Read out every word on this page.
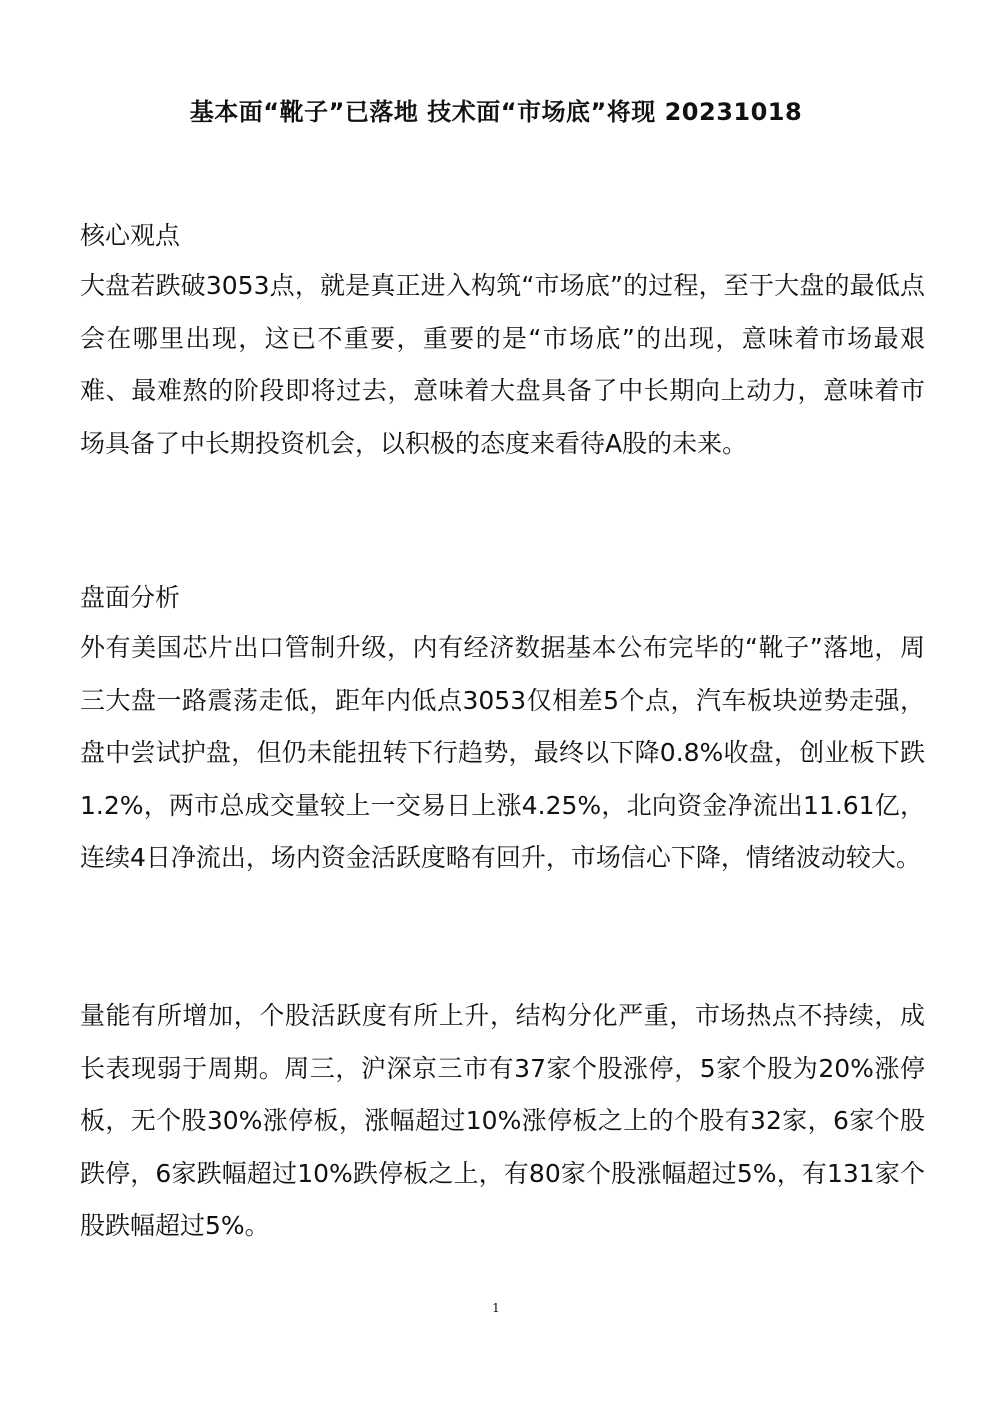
基本面“靴子”已落地 技术面“市场底”将现 20231018
核心观点

大盘若跌破3053点，就是真正进入构筑“市场底”的过程，至于大盘的最低点会在哪里出现，这已不重要，重要的是“市场底”的出现，意味着市场最艰难、最难熬的阶段即将过去，意味着大盘具备了中长期向上动力，意味着市场具备了中长期投资机会，以积极的态度来看待A股的未来。

盘面分析

外有美国芯片出口管制升级，内有经济数据基本公布完毕的“靴子”落地，周三大盘一路震荡走低，距年内低点3053仅相差5个点，汽车板块逆势走强，盘中尝试护盘，但仍未能扭转下行趋势，最终以下降0.8%收盘，创业板下跌1.2%，两市总成交量较上一交易日上涨4.25%，北向资金净流出11.61亿，连续4日净流出，场内资金活跃度略有回升，市场信心下降，情绪波动较大。

量能有所增加，个股活跃度有所上升，结构分化严重，市场热点不持续，成长表现弱于周期。周三，沪深京三市有37家个股涨停，5家个股为20%涨停板，无个股30%涨停板，涨幅超过10%涨停板之上的个股有32家，6家个股跌停，6家跌幅超过10%跌停板之上，有80家个股涨幅超过5%，有131家个股跌幅超过5%。

1
